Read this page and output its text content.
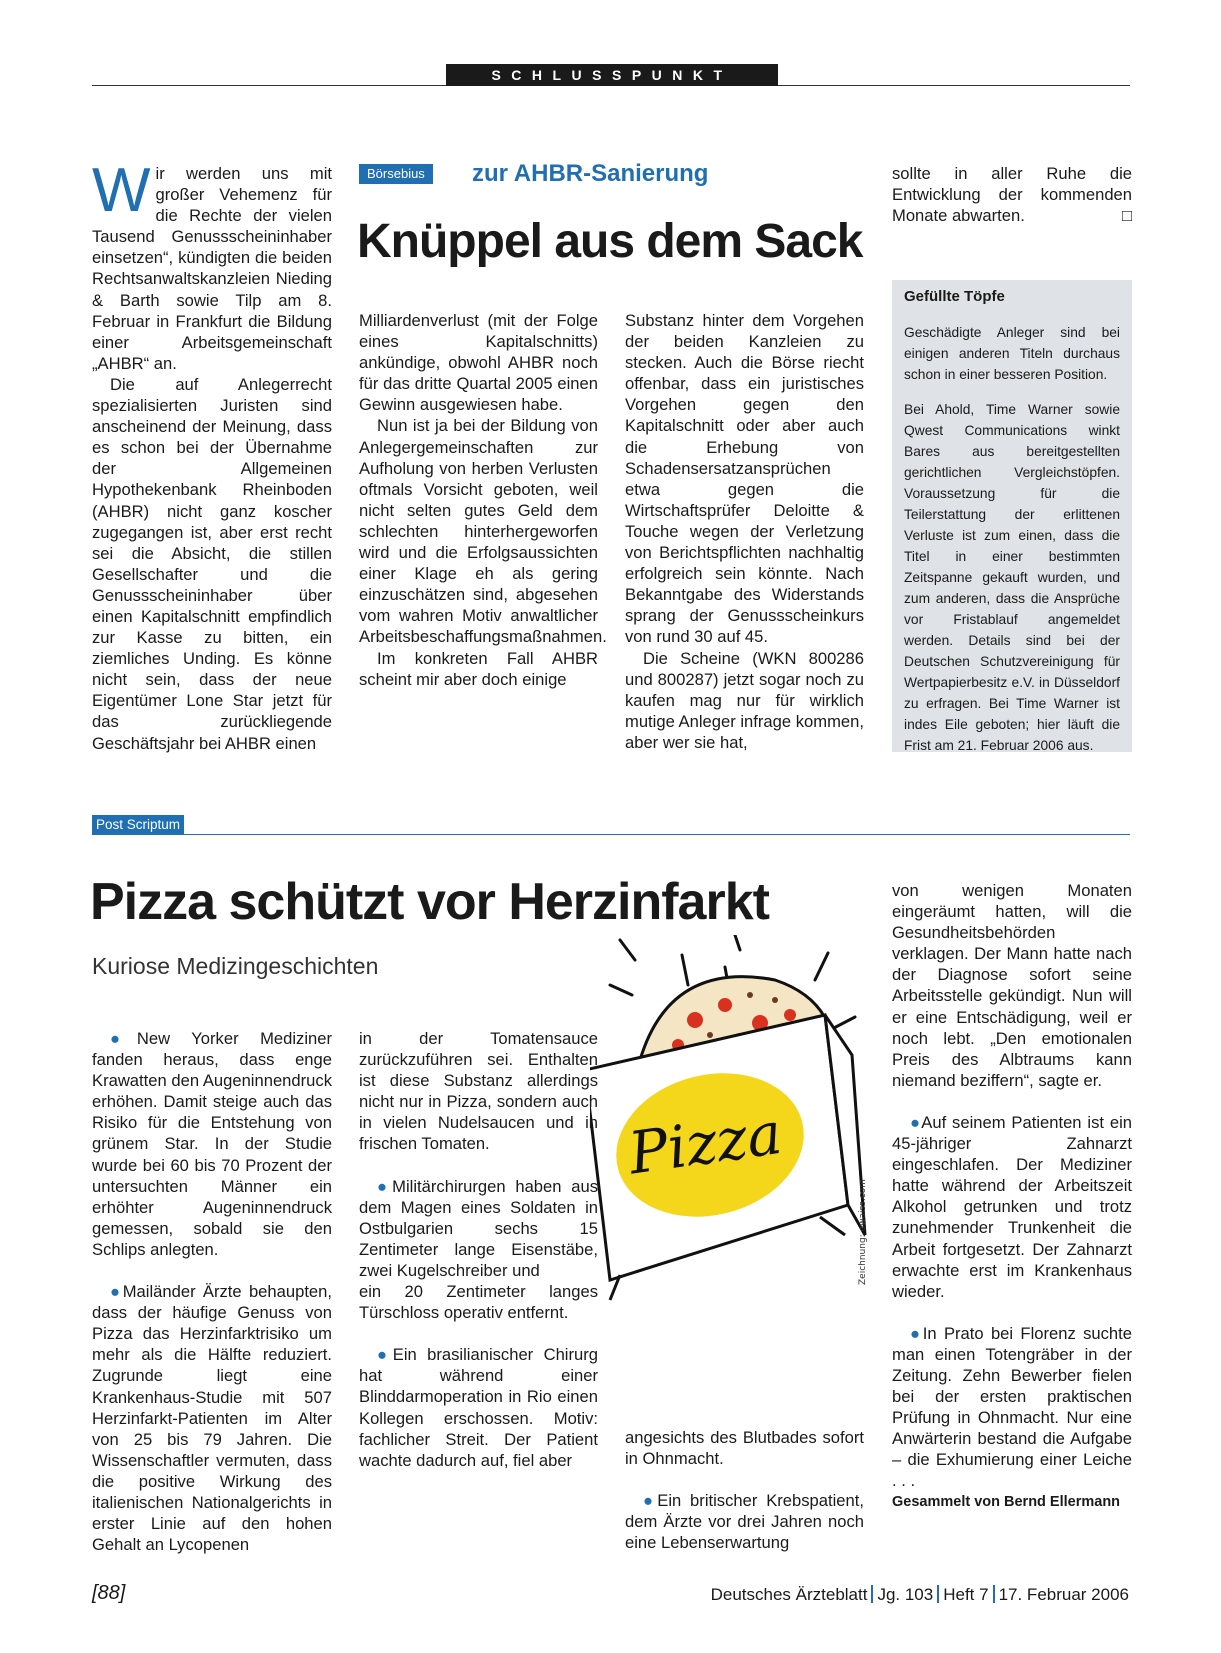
SCHLUSSPUNKT

Wir werden uns mit großer Vehemenz für die Rechte der vielen Tausend Genussscheininhaber einsetzen“, kündigten die beiden Rechtsanwaltskanzleien Nieding & Barth sowie Tilp am 8. Februar in Frankfurt die Bildung einer Arbeitsgemeinschaft „AHBR“ an.

Die auf Anlegerrecht spezialisierten Juristen sind anscheinend der Meinung, dass es schon bei der Übernahme der Allgemeinen Hypothekenbank Rheinboden (AHBR) nicht ganz koscher zugegangen ist, aber erst recht sei die Absicht, die stillen Gesellschafter und die Genussscheininhaber über einen Kapitalschnitt empfindlich zur Kasse zu bitten, ein ziemliches Unding. Es könne nicht sein, dass der neue Eigentümer Lone Star jetzt für das zurückliegende Geschäftsjahr bei AHBR einen

Börsebius	zur AHBR-Sanierung
Knüppel aus dem Sack

Milliardenverlust (mit der Folge eines Kapitalschnitts) ankündige, obwohl AHBR noch für das dritte Quartal 2005 einen Gewinn ausgewiesen habe.

Nun ist ja bei der Bildung von Anlegergemeinschaften zur Aufholung von herben Verlusten oftmals Vorsicht geboten, weil nicht selten gutes Geld dem schlechten hinterhergeworfen wird und die Erfolgsaussichten einer Klage eh als gering einzuschätzen sind, abgesehen vom wahren Motiv anwaltlicher Arbeitsbeschaffungsmaßnahmen.

Im konkreten Fall AHBR scheint mir aber doch einige

Substanz hinter dem Vorgehen der beiden Kanzleien zu stecken. Auch die Börse riecht offenbar, dass ein juristisches Vorgehen gegen den Kapitalschnitt oder aber auch die Erhebung von Schadensersatzansprüchen etwa gegen die Wirtschaftsprüfer Deloitte & Touche wegen der Verletzung von Berichtspflichten nachhaltig erfolgreich sein könnte. Nach Bekanntgabe des Widerstands sprang der Genussscheinkurs von rund 30 auf 45.

Die Scheine (WKN 800286 und 800287) jetzt sogar noch zu kaufen mag nur für wirklich mutige Anleger infrage kommen, aber wer sie hat,

sollte in aller Ruhe die Entwicklung der kommenden Monate abwarten.	□

Gefüllte Töpfe

Geschädigte Anleger sind bei einigen anderen Titeln durchaus schon in einer besseren Position.

Bei Ahold, Time Warner sowie Qwest Communications winkt Bares aus bereitgestellten gerichtlichen Vergleichstöpfen. Voraussetzung für die Teilerstattung der erlittenen Verluste ist zum einen, dass die Titel in einer bestimmten Zeitspanne gekauft wurden, und zum anderen, dass die Ansprüche vor Fristablauf angemeldet werden. Details sind bei der Deutschen Schutzvereinigung für Wertpapierbesitz e.V. in Düsseldorf zu erfragen. Bei Time Warner ist indes Eile geboten; hier läuft die Frist am 21. Februar 2006 aus.

Post Scriptum
Pizza schützt vor Herzinfarkt
Kuriose Medizingeschichten
Pizza
Zeichnung: owaiss.com

●New Yorker Mediziner fanden heraus, dass enge Krawatten den Augeninnendruck erhöhen. Damit steige auch das Risiko für die Entstehung von grünem Star. In der Studie wurde bei 60 bis 70 Prozent der untersuchten Männer ein erhöhter Augeninnendruck gemessen, sobald sie den Schlips anlegten.

●Mailänder Ärzte behaupten, dass der häufige Genuss von Pizza das Herzinfarktrisiko um mehr als die Hälfte reduziert. Zugrunde liegt eine Krankenhaus-Studie mit 507 Herzinfarkt-Patienten im Alter von 25 bis 79 Jahren. Die Wissenschaftler vermuten, dass die positive Wirkung des italienischen Nationalgerichts in erster Linie auf den hohen Gehalt an Lycopenen

in der Tomatensauce zurückzuführen sei. Enthalten ist diese Substanz allerdings nicht nur in Pizza, sondern auch in vielen Nudelsaucen und in frischen Tomaten.

●Militärchirurgen haben aus dem Magen eines Soldaten in Ostbulgarien sechs 15 Zentimeter lange Eisenstäbe, zwei Kugelschreiber und

ein 20 Zentimeter langes Türschloss operativ entfernt.

●Ein brasilianischer Chirurg hat während einer Blinddarmoperation in Rio einen Kollegen erschossen. Motiv: fachlicher Streit. Der Patient wachte dadurch auf, fiel aber

angesichts des Blutbades sofort in Ohnmacht.

●Ein britischer Krebspatient, dem Ärzte vor drei Jahren noch eine Lebenserwartung

von wenigen Monaten eingeräumt hatten, will die Gesundheitsbehörden verklagen. Der Mann hatte nach der Diagnose sofort seine Arbeitsstelle gekündigt. Nun will er eine Entschädigung, weil er noch lebt. „Den emotionalen Preis des Albtraums kann niemand beziffern“, sagte er.

●Auf seinem Patienten ist ein 45-jähriger Zahnarzt eingeschlafen. Der Mediziner hatte während der Arbeitszeit Alkohol getrunken und trotz zunehmender Trunkenheit die Arbeit fortgesetzt. Der Zahnarzt erwachte erst im Krankenhaus wieder.

●In Prato bei Florenz suchte man einen Totengräber in der Zeitung. Zehn Bewerber fielen bei der ersten praktischen Prüfung in Ohnmacht. Nur eine Anwärterin bestand die Aufgabe – die Exhumierung einer Leiche . . .

Gesammelt von Bernd Ellermann

[88]	Deutsches Ärzteblatt Jg. 103 Heft 7 17. Februar 2006
